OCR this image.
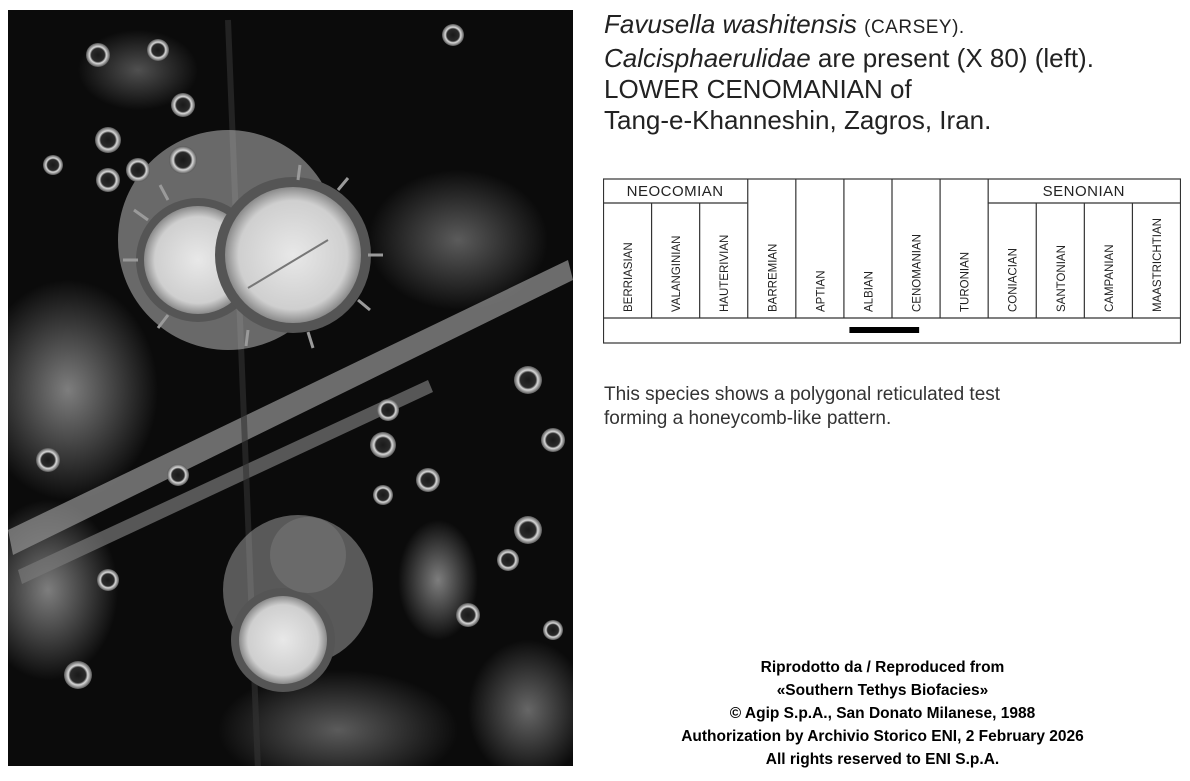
Favusella washitensis (CARSEY).
Calcisphaerulidae are present (X 80) (left).
LOWER CENOMANIAN of
Tang-e-Khanneshin, Zagros, Iran.
NEOCOMIAN	SENONIAN
BERRIASIAN	VALANGINIAN	HAUTERIVIAN	BARREMIAN	APTIAN	ALBIAN	CENOMANIAN	TURONIAN	CONIACIAN	SANTONIAN	CAMPANIAN	MAASTRICHTIAN
This species shows a polygonal reticulated test
forming a honeycomb-like pattern.
Riprodotto da / Reproduced from
«Southern Tethys Biofacies»
© Agip S.p.A., San Donato Milanese, 1988
Authorization by Archivio Storico ENI, 2 February 2026
All rights reserved to ENI S.p.A.
